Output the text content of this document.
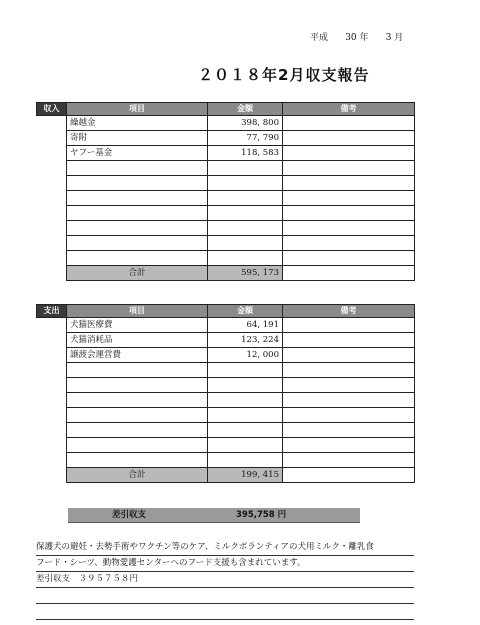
平成 30 年 3 月
２０１８年2月収支報告
収入	項目	金額	備考
	繰越金	398, 800	
	寄附	77, 790	
	ヤフー基金	118, 583	

	合計	595, 173	
支出	項目	金額	備考
	犬猫医療費	64, 191	
	犬猫消耗品	123, 224	
	譲渡会運営費	12, 000	

	合計	199, 415	
差引収支	395,758 円
保護犬の避妊・去勢手術やワクチン等のケア、ミルクボランティアの犬用ミルク・離乳食
フード・シーツ、動物愛護センターへのフード支援も含まれています。
差引収支　３９５７５８円
